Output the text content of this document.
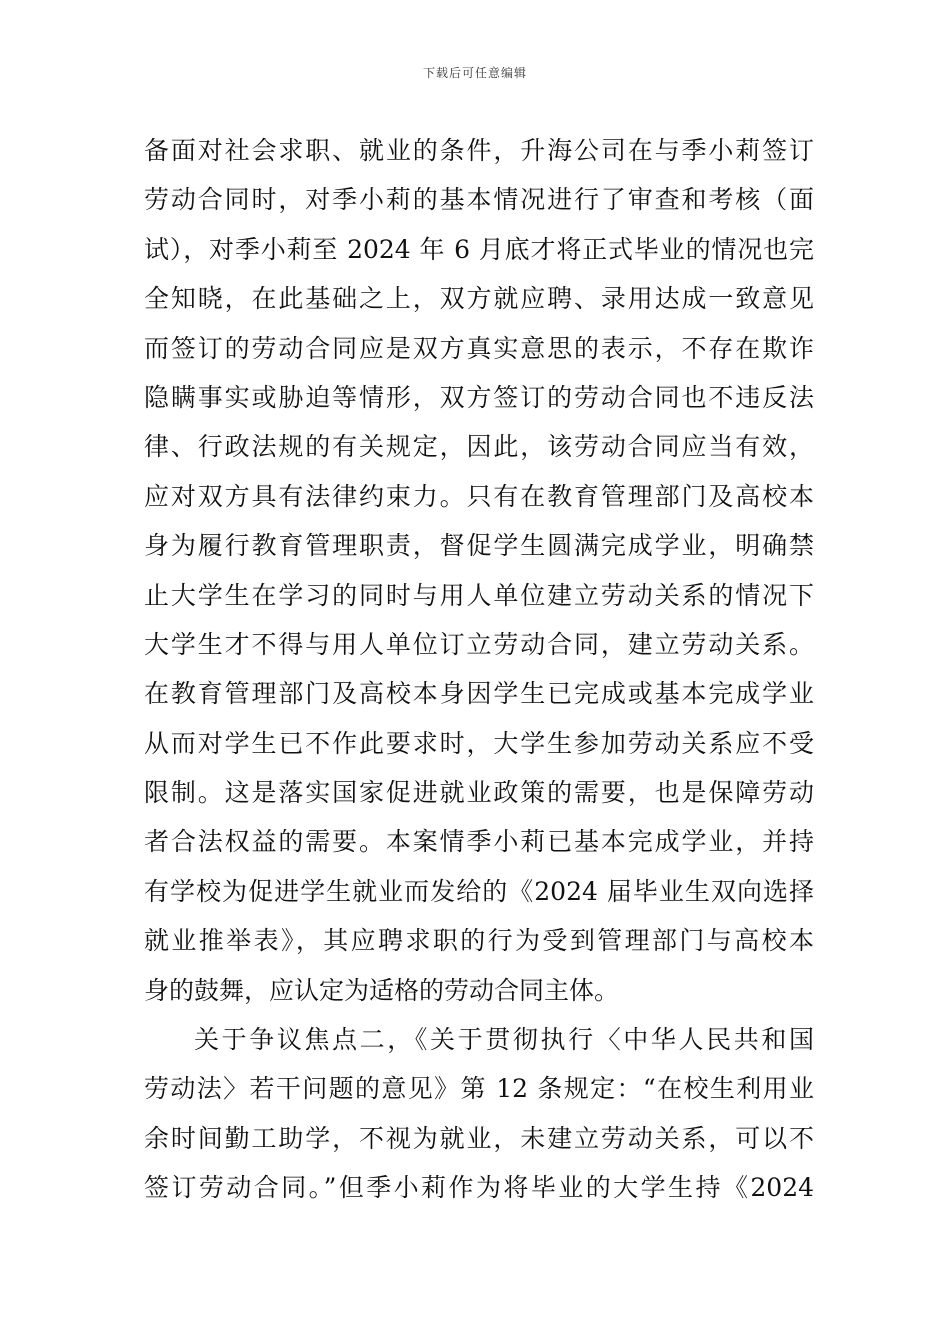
下载后可任意编辑
备面对社会求职、就业的条件，升海公司在与季小莉签订
劳动合同时，对季小莉的基本情况进行了审查和考核（面
试），对季小莉至 2024 年 6 月底才将正式毕业的情况也完
全知晓，在此基础之上，双方就应聘、录用达成一致意见
而签订的劳动合同应是双方真实意思的表示，不存在欺诈
隐瞒事实或胁迫等情形，双方签订的劳动合同也不违反法
律、行政法规的有关规定，因此，该劳动合同应当有效，
应对双方具有法律约束力。只有在教育管理部门及高校本
身为履行教育管理职责，督促学生圆满完成学业，明确禁
止大学生在学习的同时与用人单位建立劳动关系的情况下
大学生才不得与用人单位订立劳动合同，建立劳动关系。
在教育管理部门及高校本身因学生已完成或基本完成学业
从而对学生已不作此要求时，大学生参加劳动关系应不受
限制。这是落实国家促进就业政策的需要，也是保障劳动
者合法权益的需要。本案情季小莉已基本完成学业，并持
有学校为促进学生就业而发给的《2024 届毕业生双向选择
就业推举表》，其应聘求职的行为受到管理部门与高校本
身的鼓舞，应认定为适格的劳动合同主体。
关于争议焦点二，《关于贯彻执行〈中华人民共和国
劳动法〉若干问题的意见》第 12 条规定：“在校生利用业
余时间勤工助学，不视为就业，未建立劳动关系，可以不
签订劳动合同。”但季小莉作为将毕业的大学生持《2024
